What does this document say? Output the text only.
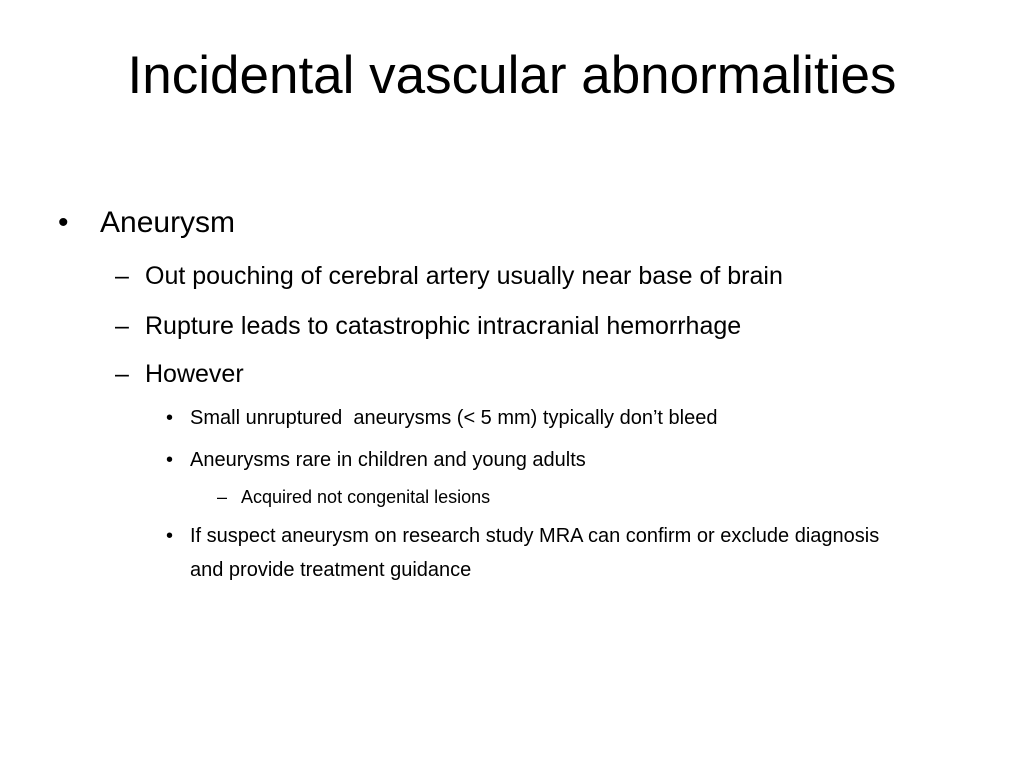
Incidental vascular abnormalities
•	Aneurysm
– Out pouching of cerebral artery usually near base of brain
– Rupture leads to catastrophic intracranial hemorrhage
– However
• Small unruptured  aneurysms (< 5 mm) typically don’t bleed
• Aneurysms rare in children and young adults
– Acquired not congenital lesions
• If suspect aneurysm on research study MRA can confirm or exclude diagnosis and provide treatment guidance
